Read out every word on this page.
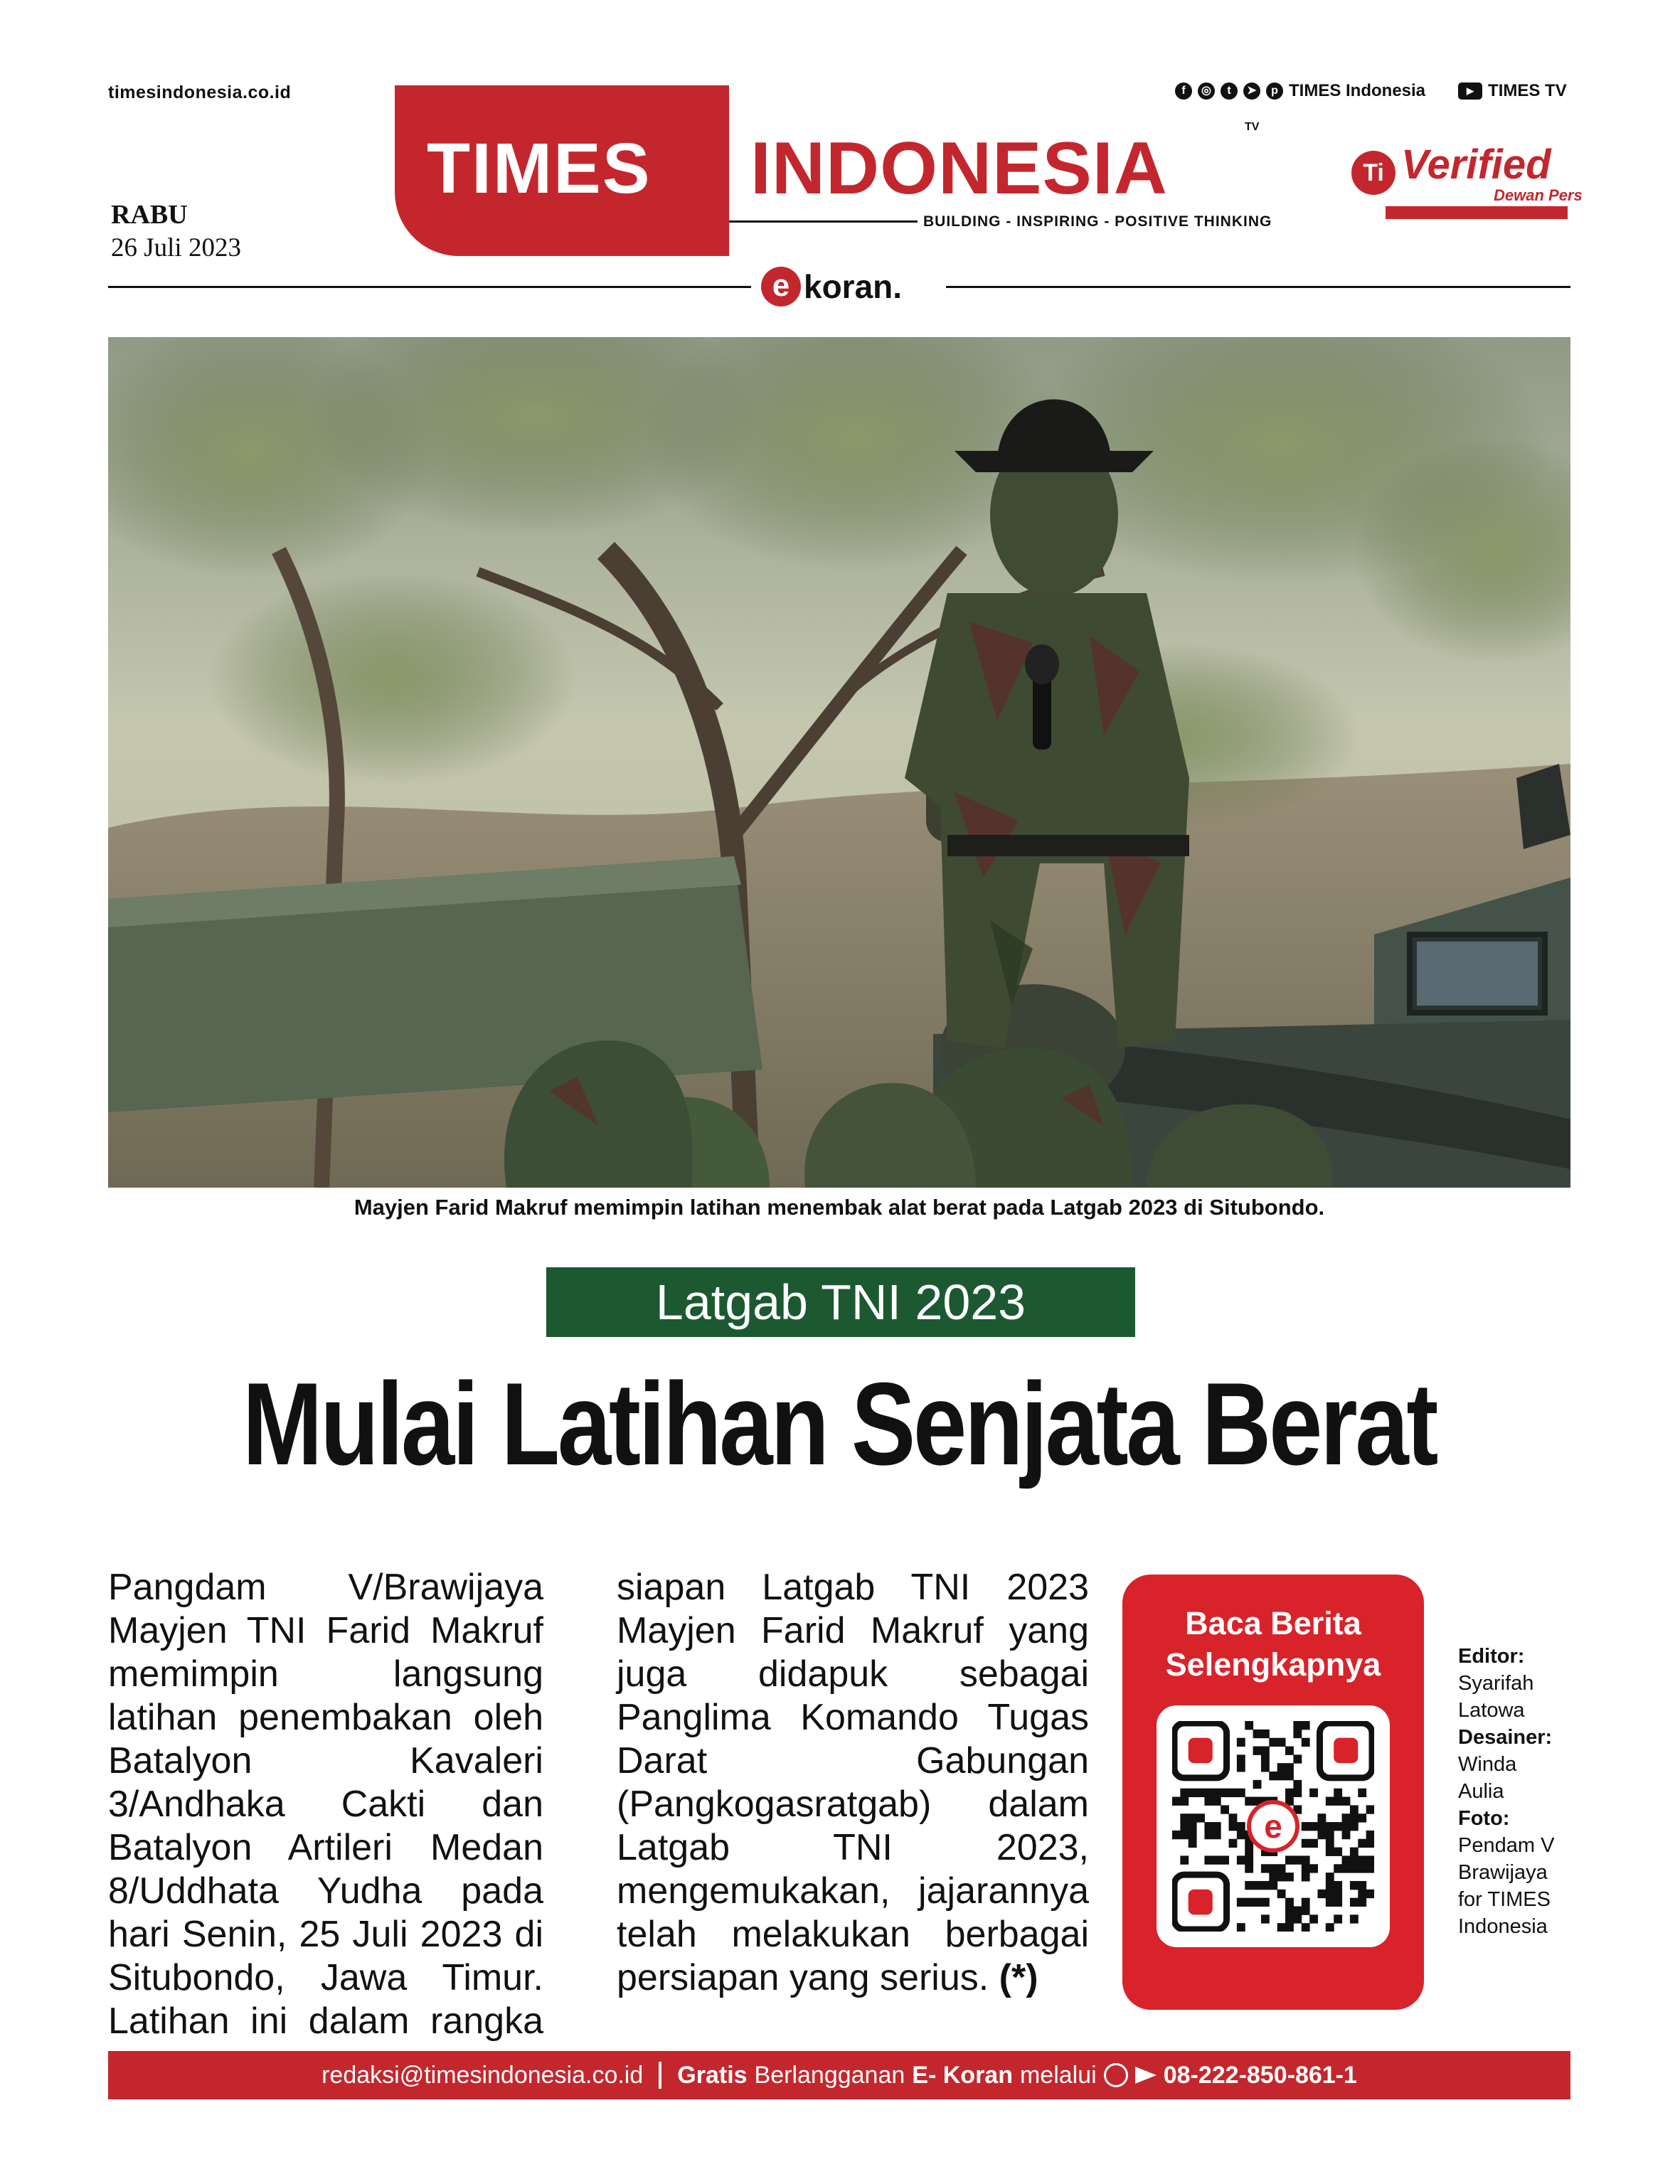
timesindonesia.co.id	f	◎	t	➤	p TIMES Indonesia	▶ TIMES TV
RABU
26 Juli 2023
TIMES INDONESIA
TV
BUILDING - INSPIRING - POSITIVE THINKING
Ti Verified
Dewan Pers
e koran.
Mayjen Farid Makruf memimpin latihan menembak alat berat pada Latgab 2023 di Situbondo.
Latgab TNI 2023
Mulai Latihan Senjata Berat
Pangdam V/Brawijaya Mayjen TNI Farid Makruf memimpin langsung latihan penembakan oleh Batalyon Kavaleri 3/Andhaka Cakti dan Batalyon Artileri Medan 8/Uddhata Yudha pada hari Senin, 25 Juli 2023 di Situbondo, Jawa Timur. Latihan ini dalam rangka
siapan Latgab TNI 2023 Mayjen Farid Makruf yang juga didapuk sebagai Panglima Komando Tugas Darat Gabungan (Pangkogasratgab) dalam Latgab TNI 2023, mengemukakan, jajarannya telah melakukan berbagai persiapan yang serius. (*)
Baca Berita
Selengkapnya
e
Editor:
Syarifah
Latowa
Desainer:
Winda
Aulia
Foto:
Pendam V
Brawijaya
for TIMES
Indonesia
redaksi@timesindonesia.co.id Gratis Berlangganan E- Koran melalui	08-222-850-861-1
